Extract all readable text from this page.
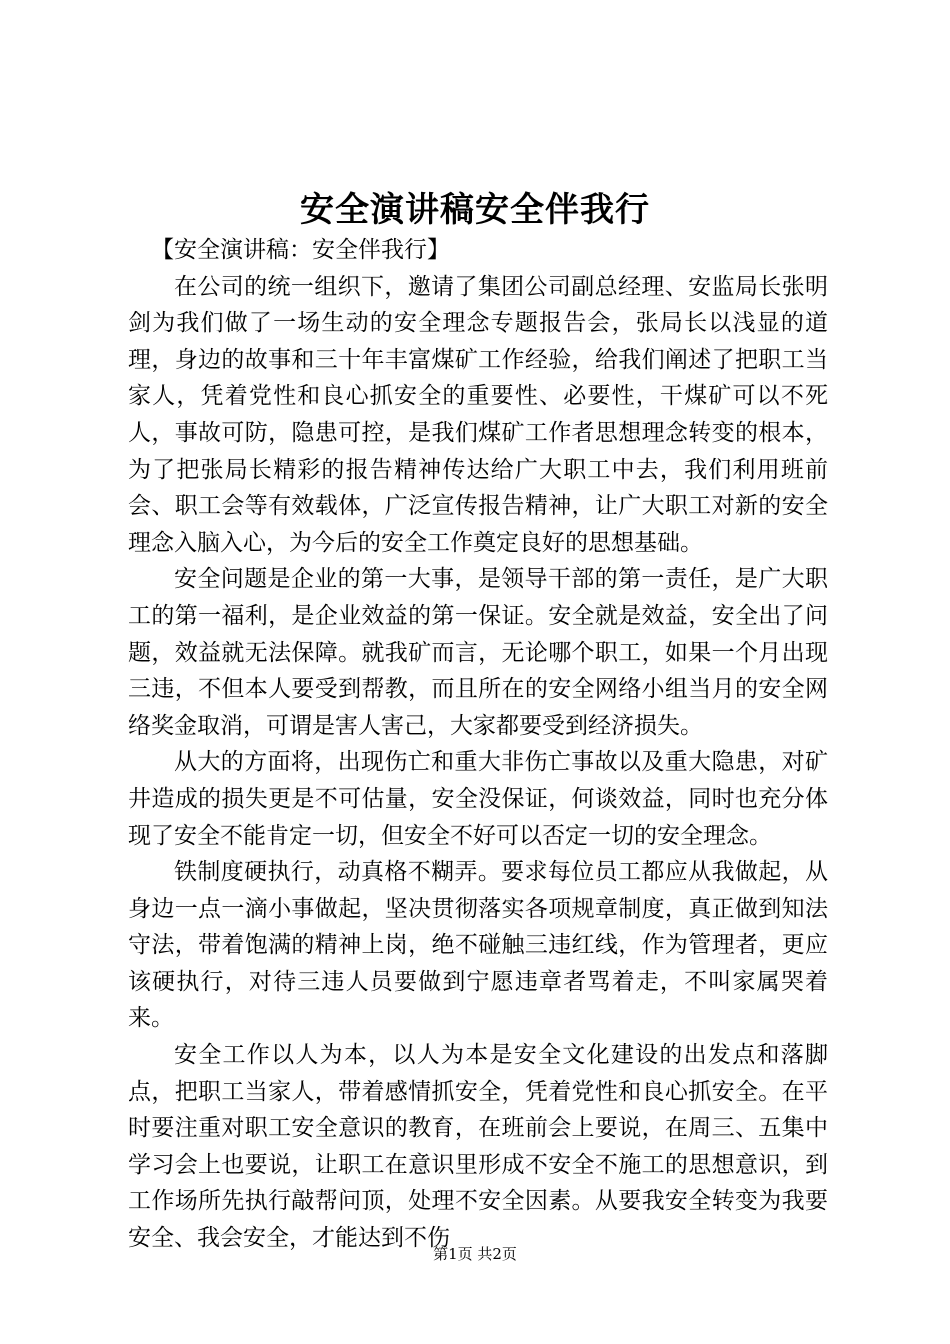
安全演讲稿安全伴我行

【安全演讲稿：安全伴我行】

在公司的统一组织下，邀请了集团公司副总经理、安监局长张明剑为我们做了一场生动的安全理念专题报告会，张局长以浅显的道理，身边的故事和三十年丰富煤矿工作经验，给我们阐述了把职工当家人，凭着党性和良心抓安全的重要性、必要性，干煤矿可以不死人，事故可防，隐患可控，是我们煤矿工作者思想理念转变的根本，为了把张局长精彩的报告精神传达给广大职工中去，我们利用班前会、职工会等有效载体，广泛宣传报告精神，让广大职工对新的安全理念入脑入心，为今后的安全工作奠定良好的思想基础。

安全问题是企业的第一大事，是领导干部的第一责任，是广大职工的第一福利，是企业效益的第一保证。安全就是效益，安全出了问题，效益就无法保障。就我矿而言，无论哪个职工，如果一个月出现三违，不但本人要受到帮教，而且所在的安全网络小组当月的安全网络奖金取消，可谓是害人害己，大家都要受到经济损失。

从大的方面将，出现伤亡和重大非伤亡事故以及重大隐患，对矿井造成的损失更是不可估量，安全没保证，何谈效益，同时也充分体现了安全不能肯定一切，但安全不好可以否定一切的安全理念。

铁制度硬执行，动真格不糊弄。要求每位员工都应从我做起，从身边一点一滴小事做起，坚决贯彻落实各项规章制度，真正做到知法守法，带着饱满的精神上岗，绝不碰触三违红线，作为管理者，更应该硬执行，对待三违人员要做到宁愿违章者骂着走，不叫家属哭着来。

安全工作以人为本，以人为本是安全文化建设的出发点和落脚点，把职工当家人，带着感情抓安全，凭着党性和良心抓安全。在平时要注重对职工安全意识的教育，在班前会上要说，在周三、五集中学习会上也要说，让职工在意识里形成不安全不施工的思想意识，到工作场所先执行敲帮问顶，处理不安全因素。从要我安全转变为我要安全、我会安全，才能达到不伤

第1页 共2页
